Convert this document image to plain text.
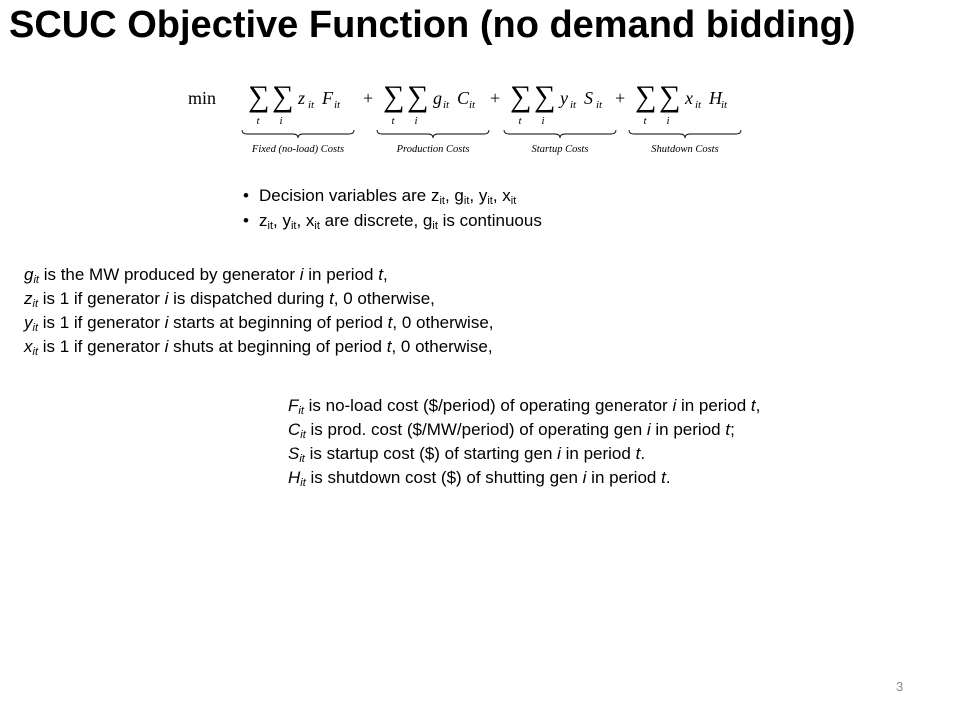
SCUC Objective Function (no demand bidding)
min ∑
t
∑
i
z it F it
Fixed (no-load) Costs
+ ∑
t
∑
i
g it C it
Production Costs
+ ∑
t
∑
i
y it S it
Startup Costs
+ ∑
t
∑
i
x it H it
Shutdown Costs
• Decision variables are $z_{it}$, $g_{it}$, $y_{it}$, $x_{it}$
• $z_{it}$, $y_{it}$, $x_{it}$ are discrete, $g_{it}$ is continuous
$g_{it}$ is the MW produced by generator i in period t,
$z_{it}$ is 1 if generator i is dispatched during t, 0 otherwise,
$y_{it}$ is 1 if generator i starts at beginning of period t, 0 otherwise,
$x_{it}$ is 1 if generator i shuts at beginning of period t, 0 otherwise,
$F_{it}$ is no-load cost ($/period) of operating generator i in period t,
$C_{it}$ is prod. cost ($/MW/period) of operating gen i in period t;
$S_{it}$ is startup cost ($) of starting gen i in period t.
$H_{it}$ is shutdown cost ($) of shutting gen i in period t.
3
